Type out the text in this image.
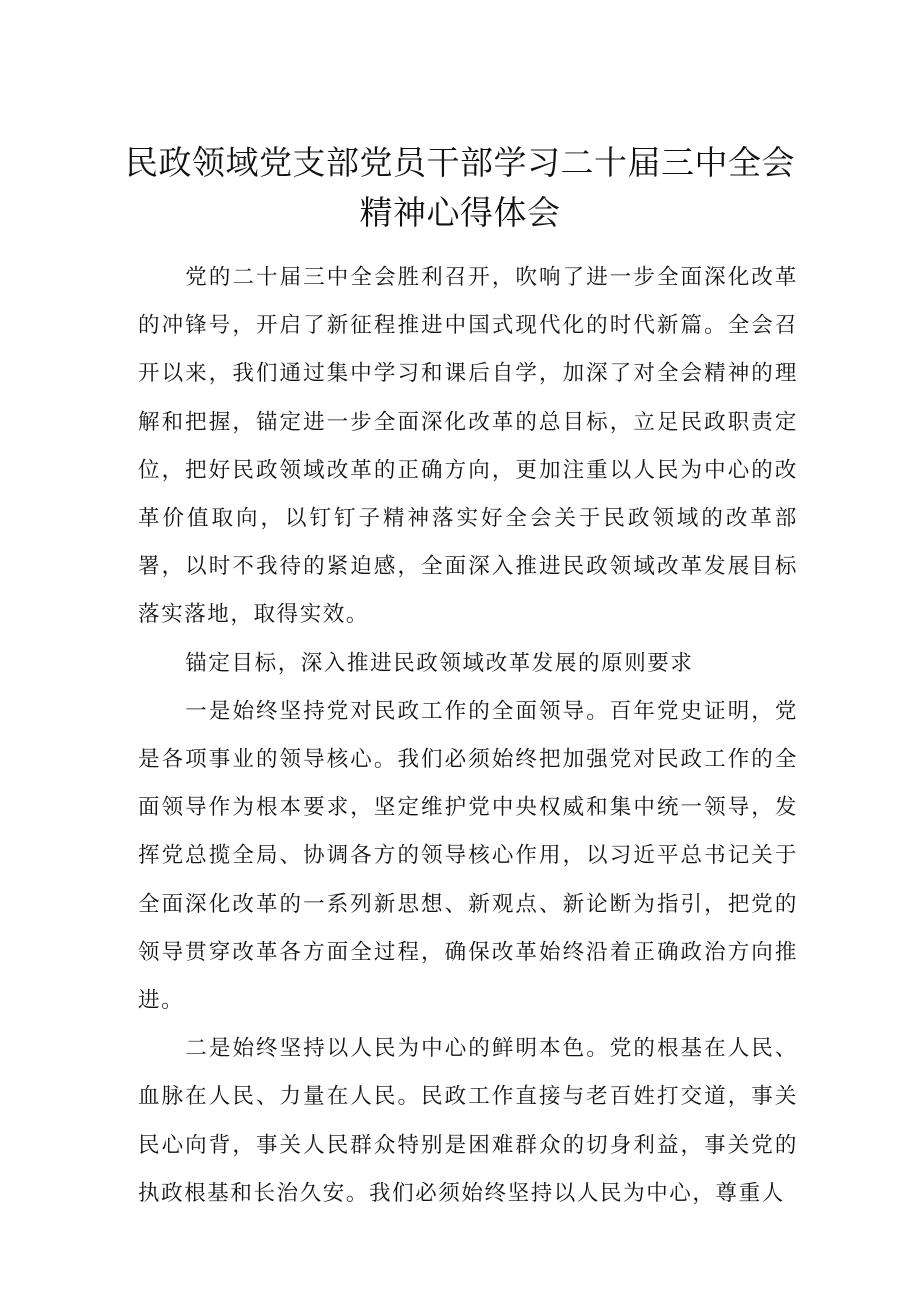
民政领域党支部党员干部学习二十届三中全会
精神心得体会

党的二十届三中全会胜利召开，吹响了进一步全面深化改革的冲锋号，开启了新征程推进中国式现代化的时代新篇。全会召开以来，我们通过集中学习和课后自学，加深了对全会精神的理解和把握，锚定进一步全面深化改革的总目标，立足民政职责定位，把好民政领域改革的正确方向，更加注重以人民为中心的改革价值取向，以钉钉子精神落实好全会关于民政领域的改革部署，以时不我待的紧迫感，全面深入推进民政领域改革发展目标落实落地，取得实效。

锚定目标，深入推进民政领域改革发展的原则要求

一是始终坚持党对民政工作的全面领导。百年党史证明，党是各项事业的领导核心。我们必须始终把加强党对民政工作的全面领导作为根本要求，坚定维护党中央权威和集中统一领导，发挥党总揽全局、协调各方的领导核心作用，以习近平总书记关于全面深化改革的一系列新思想、新观点、新论断为指引，把党的领导贯穿改革各方面全过程，确保改革始终沿着正确政治方向推进。

二是始终坚持以人民为中心的鲜明本色。党的根基在人民、血脉在人民、力量在人民。民政工作直接与老百姓打交道，事关民心向背，事关人民群众特别是困难群众的切身利益，事关党的执政根基和长治久安。我们必须始终坚持以人民为中心，尊重人
